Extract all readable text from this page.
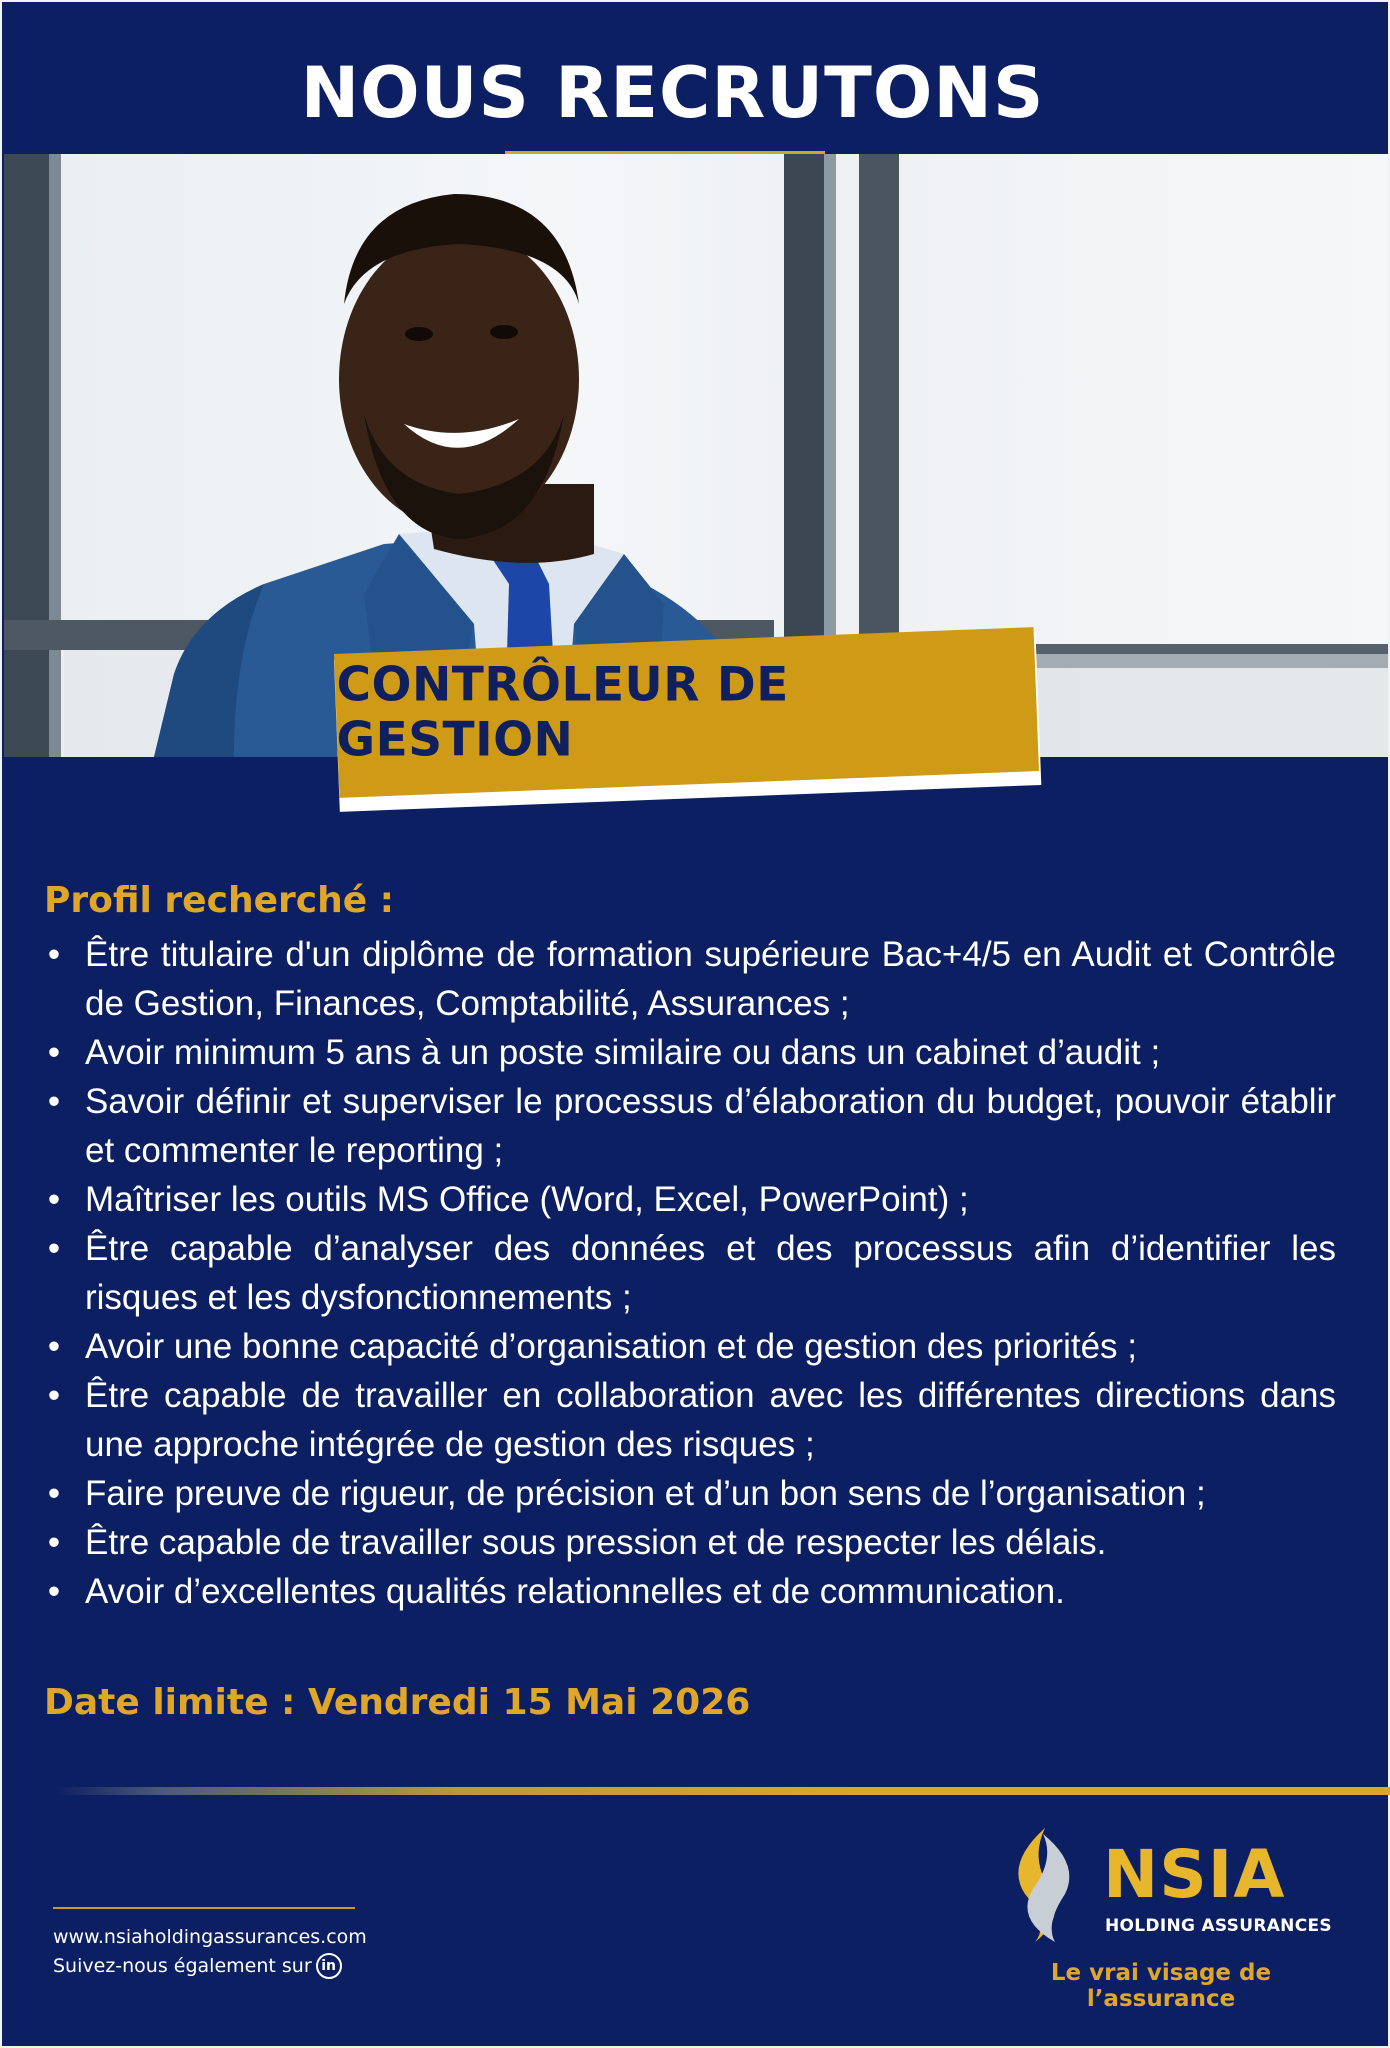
NOUS RECRUTONS
CONTRÔLEUR DE GESTION
Profil recherché :
• Être titulaire d'un diplôme de formation supérieure Bac+4/5 en Audit et Contrôle de Gestion, Finances, Comptabilité, Assurances ;
• Avoir minimum 5 ans à un poste similaire ou dans un cabinet d’audit ;
• Savoir définir et superviser le processus d’élaboration du budget, pouvoir établir et commenter le reporting ;
• Maîtriser les outils MS Office (Word, Excel, PowerPoint) ;
• Être capable d’analyser des données et des processus afin d’identifier les risques et les dysfonctionnements ;
• Avoir une bonne capacité d’organisation et de gestion des priorités ;
• Être capable de travailler en collaboration avec les différentes directions dans une approche intégrée de gestion des risques ;
• Faire preuve de rigueur, de précision et d’un bon sens de l’organisation ;
• Être capable de travailler sous pression et de respecter les délais.
• Avoir d’excellentes qualités relationnelles et de communication.

Date limite : Vendredi 15 Mai 2026

www.nsiaholdingassurances.com
Suivez-nous également sur in
NSIA
HOLDING ASSURANCES
Le vrai visage de l’assurance
